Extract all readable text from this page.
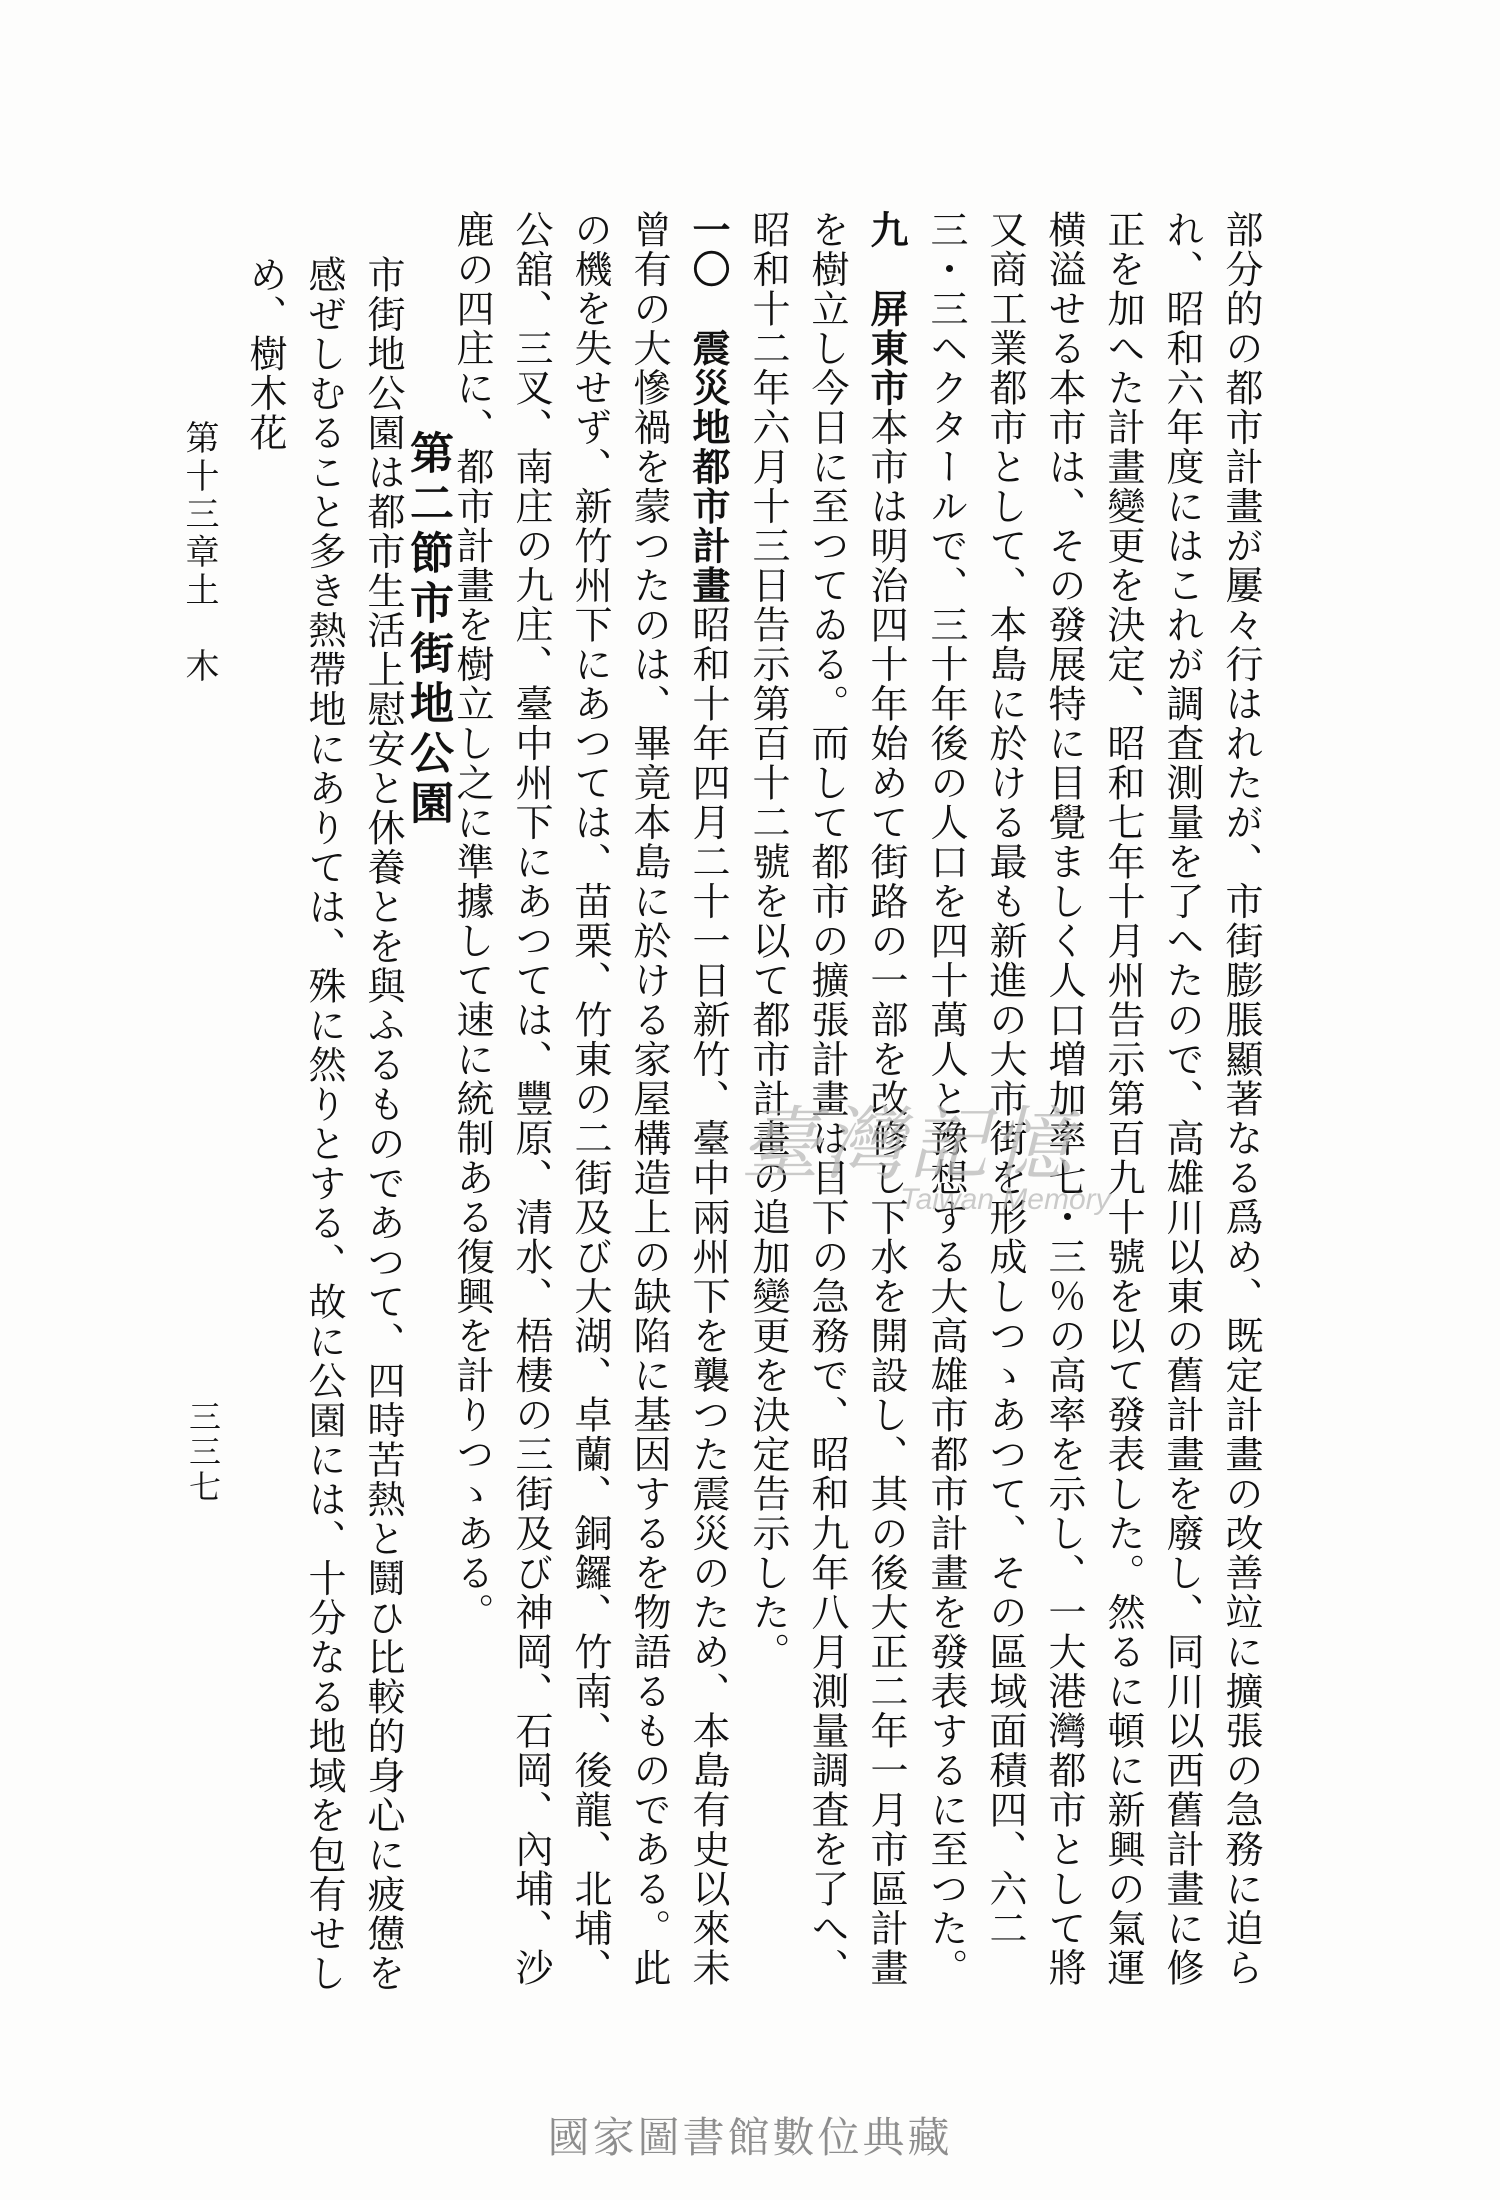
部分的の都市計畫が屢々行はれたが、市街膨脹顯著なる爲め、既定計畫の改善竝に擴張の急務に迫られ、昭和六年度にはこれが調査測量を了へたので、高雄川以東の舊計畫を廢し、同川以西舊計畫に修正を加へた計畫變更を決定、昭和七年十月州告示第百九十號を以て發表した。然るに頓に新興の氣運横溢せる本市は、その發展特に目覺ましく人口増加率七・三％の高率を示し、一大港灣都市として將又商工業都市として、本島に於ける最も新進の大市街を形成しつゝあつて、その區域面積四、六二三・三ヘクタールで、三十年後の人口を四十萬人と豫想する大高雄市都市計畫を發表するに至つた。

九　屏東市本市は明治四十年始めて街路の一部を改修し下水を開設し、其の後大正二年一月市區計畫を樹立し今日に至つてゐる。而して都市の擴張計畫は目下の急務で、昭和九年八月測量調査を了へ、昭和十二年六月十三日告示第百十二號を以て都市計畫の追加變更を決定告示した。

一〇　震災地都市計畫昭和十年四月二十一日新竹、臺中兩州下を襲つた震災のため、本島有史以來未曾有の大慘禍を蒙つたのは、畢竟本島に於ける家屋構造上の缺陷に基因するを物語るものである。此の機を失せず、新竹州下にあつては、苗栗、竹東の二街及び大湖、卓蘭、銅鑼、竹南、後龍、北埔、公舘、三叉、南庄の九庄、臺中州下にあつては、豐原、清水、梧棲の三街及び神岡、石岡、內埔、沙鹿の四庄に、都市計畫を樹立し之に準據して速に統制ある復興を計りつゝある。

第二節市街地公園
市街地公園は都市生活上慰安と休養とを與ふるものであつて、四時苦熱と鬪ひ比較的身心に疲憊を感ぜしむること多き熱帶地にありては、殊に然りとする、故に公園には、十分なる地域を包有せしめ、樹木花
第十三章土　木
三三七
臺灣記憶
Taiwan Memory
國家圖書館數位典藏
